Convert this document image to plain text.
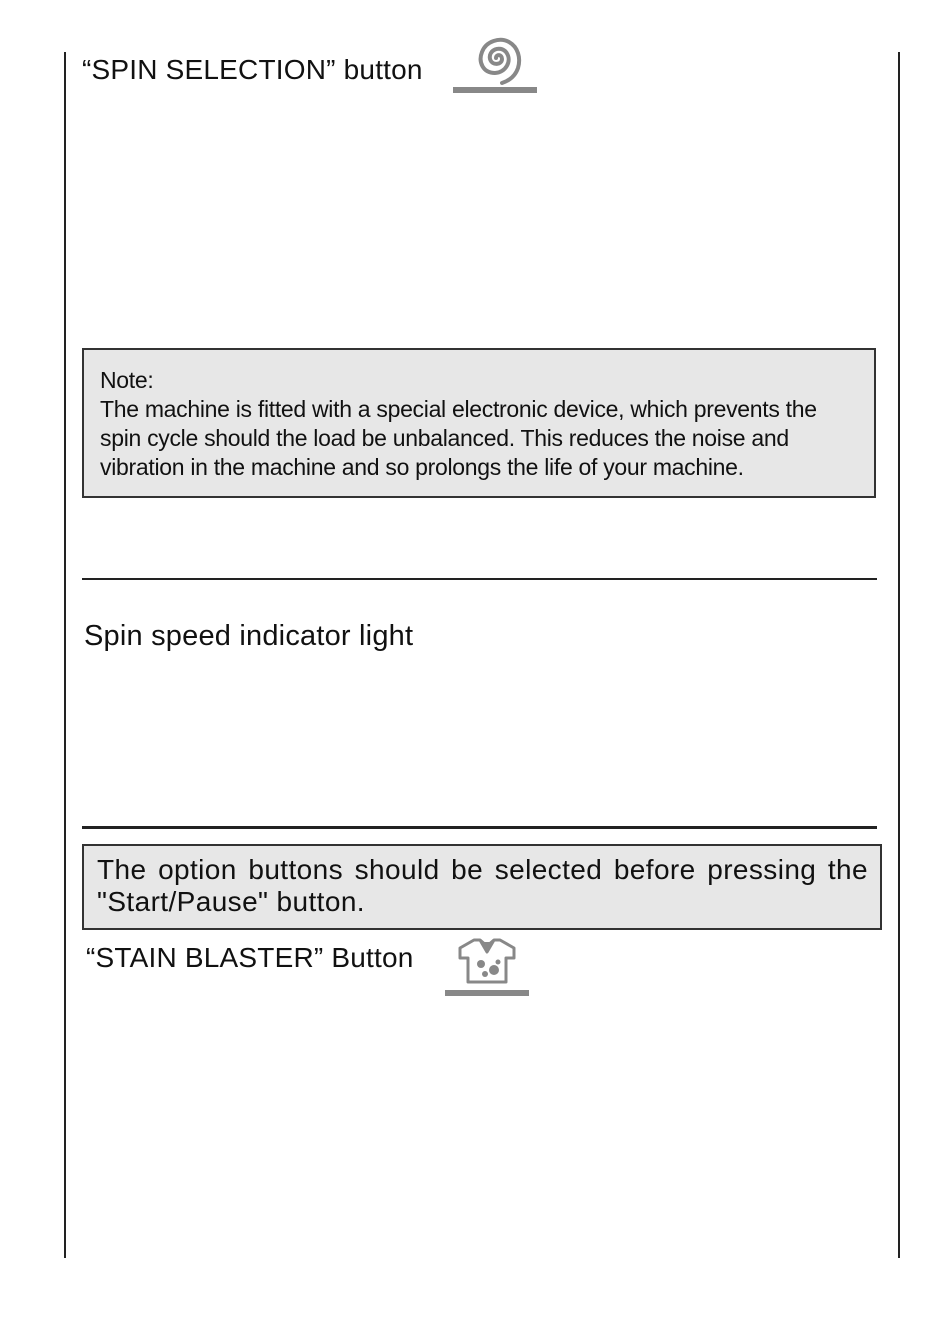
“SPIN SELECTION” button
Note:
The machine is fitted with a special electronic device, which prevents the spin cycle should the load be unbalanced. This reduces the noise and vibration in the machine and so prolongs the life of your machine.
Spin speed indicator light
The option buttons should be selected before pressing the "Start/Pause" button.
“STAIN BLASTER” Button
